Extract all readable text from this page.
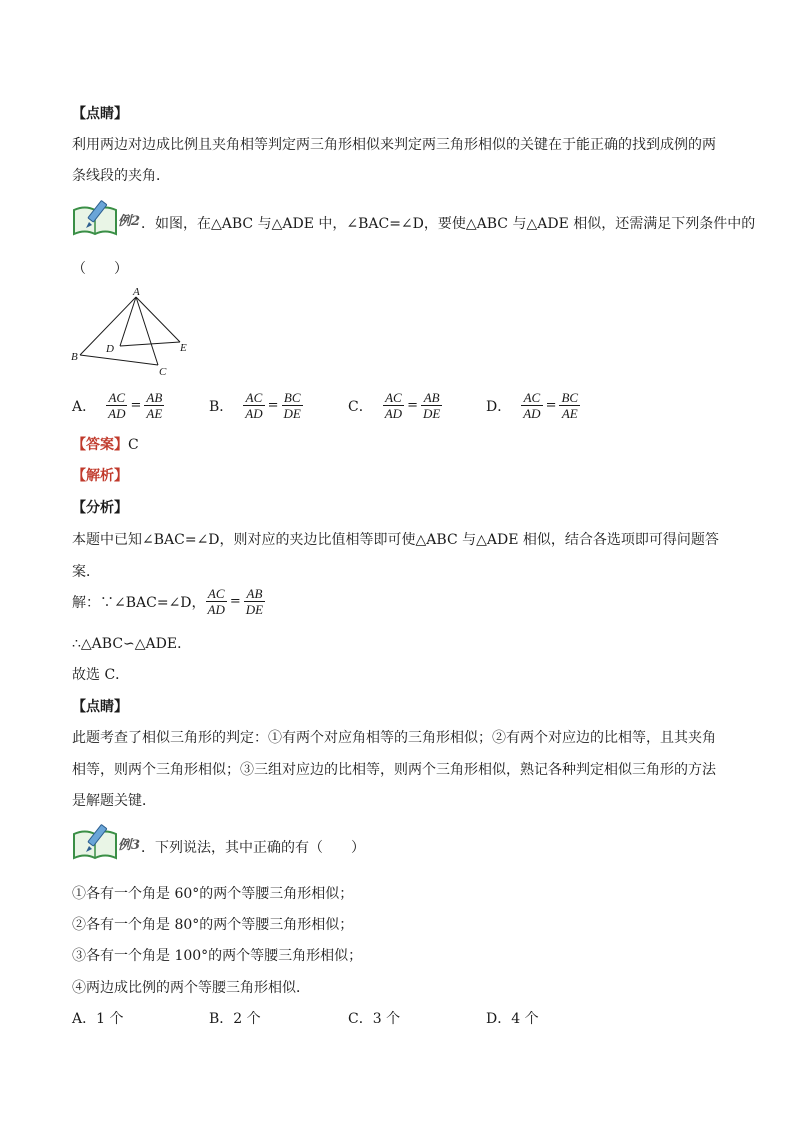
【点睛】
利用两边对边成比例且夹角相等判定两三角形相似来判定两三角形相似的关键在于能正确的找到成例的两
条线段的夹角．
例2 ．如图，在△ABC 与△ADE 中，∠BAC=∠D，要使△ABC 与△ADE 相似，还需满足下列条件中的
（　　）
A
B
C
D	E
A． $\frac{AC}{AD} = \frac{AB}{AE}$	B． $\frac{AC}{AD} = \frac{BC}{DE}$	C． $\frac{AC}{AD} = \frac{AB}{DE}$	D． $\frac{AC}{AD} = \frac{BC}{AE}$
【答案】C
【解析】
【分析】
本题中已知∠BAC=∠D，则对应的夹边比值相等即可使△ABC 与△ADE 相似，结合各选项即可得问题答
案．
解：∵∠BAC=∠D， $\frac{AC}{AD} = \frac{AB}{DE}$
∴△ABC∽△ADE．
故选 C．
【点睛】
此题考查了相似三角形的判定：①有两个对应角相等的三角形相似；②有两个对应边的比相等，且其夹角
相等，则两个三角形相似；③三组对应边的比相等，则两个三角形相似，熟记各种判定相似三角形的方法
是解题关键．
例3 ．下列说法，其中正确的有（　　）
①各有一个角是 60°的两个等腰三角形相似；
②各有一个角是 80°的两个等腰三角形相似；
③各有一个角是 100°的两个等腰三角形相似；
④两边成比例的两个等腰三角形相似．
A．1 个	B．2 个	C．3 个	D．4 个
